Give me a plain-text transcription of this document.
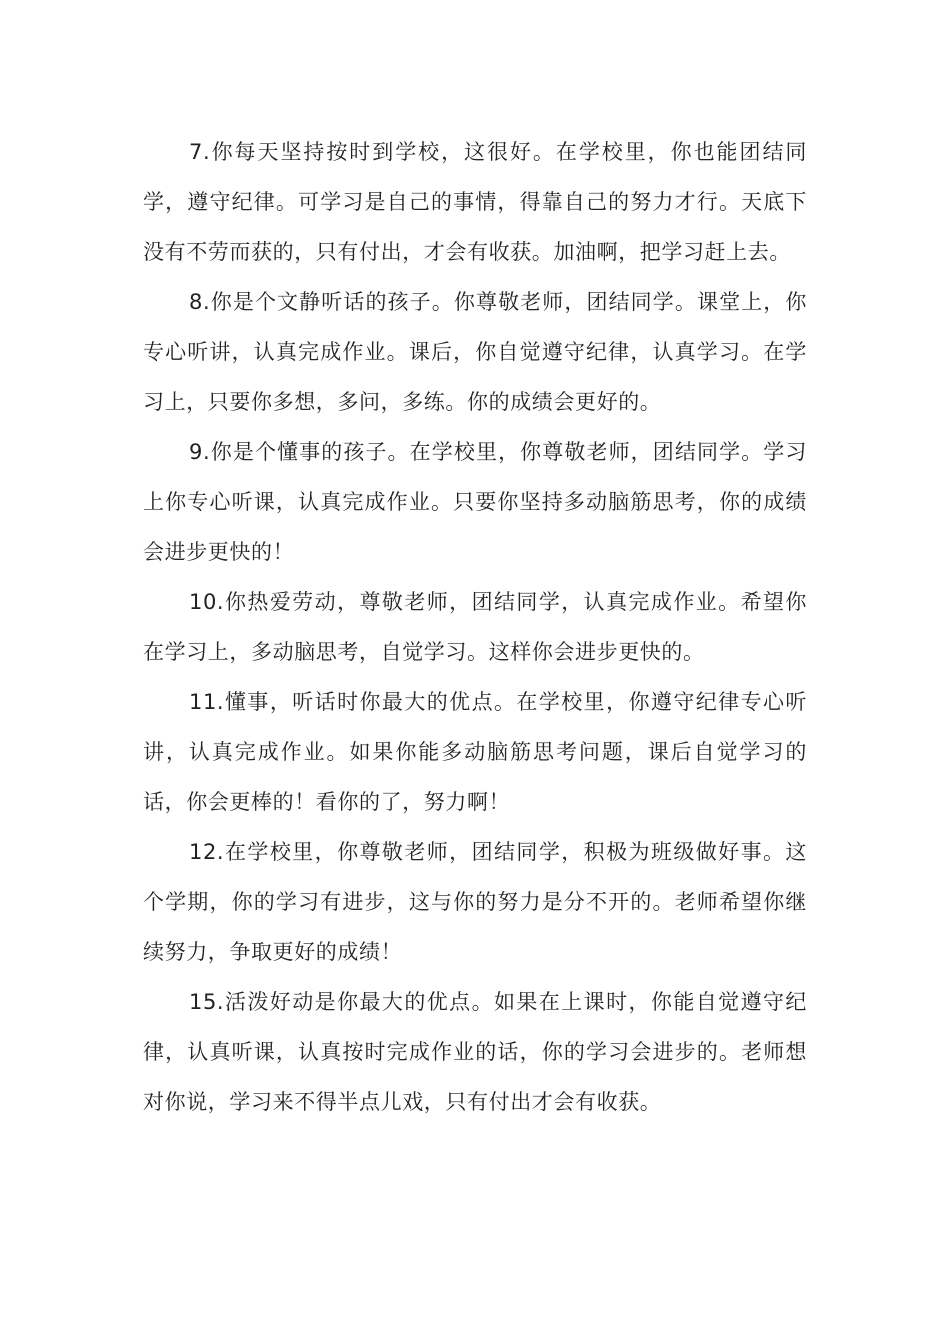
7.你每天坚持按时到学校，这很好。在学校里，你也能团结同学，遵守纪律。可学习是自己的事情，得靠自己的努力才行。天底下没有不劳而获的，只有付出，才会有收获。加油啊，把学习赶上去。

8.你是个文静听话的孩子。你尊敬老师，团结同学。课堂上，你专心听讲，认真完成作业。课后，你自觉遵守纪律，认真学习。在学习上，只要你多想，多问，多练。你的成绩会更好的。

9.你是个懂事的孩子。在学校里，你尊敬老师，团结同学。学习上你专心听课，认真完成作业。只要你坚持多动脑筋思考，你的成绩会进步更快的！

10.你热爱劳动，尊敬老师，团结同学，认真完成作业。希望你在学习上，多动脑思考，自觉学习。这样你会进步更快的。

11.懂事，听话时你最大的优点。在学校里，你遵守纪律专心听讲，认真完成作业。如果你能多动脑筋思考问题，课后自觉学习的话，你会更棒的！看你的了，努力啊！

12.在学校里，你尊敬老师，团结同学，积极为班级做好事。这个学期，你的学习有进步，这与你的努力是分不开的。老师希望你继续努力，争取更好的成绩！

15.活泼好动是你最大的优点。如果在上课时，你能自觉遵守纪律，认真听课，认真按时完成作业的话，你的学习会进步的。老师想对你说，学习来不得半点儿戏，只有付出才会有收获。
